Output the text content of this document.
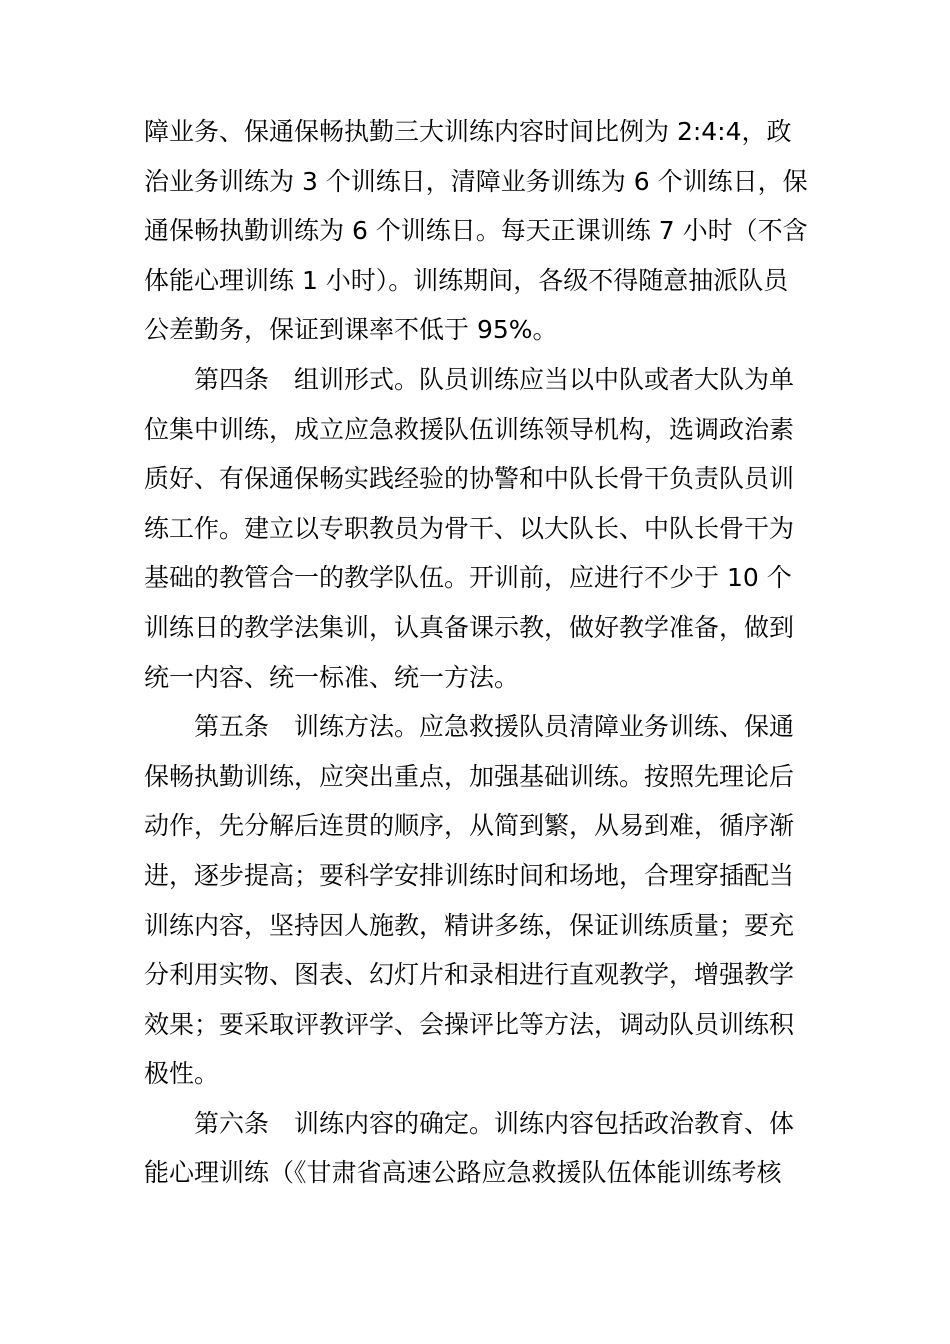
障业务、保通保畅执勤三大训练内容时间比例为 2:4:4，政
治业务训练为 3 个训练日，清障业务训练为 6 个训练日，保
通保畅执勤训练为 6 个训练日。每天正课训练 7 小时（不含
体能心理训练 1 小时）。训练期间，各级不得随意抽派队员
公差勤务，保证到课率不低于 95%。
第四条　组训形式。队员训练应当以中队或者大队为单
位集中训练，成立应急救援队伍训练领导机构，选调政治素
质好、有保通保畅实践经验的协警和中队长骨干负责队员训
练工作。建立以专职教员为骨干、以大队长、中队长骨干为
基础的教管合一的教学队伍。开训前，应进行不少于 10 个
训练日的教学法集训，认真备课示教，做好教学准备，做到
统一内容、统一标准、统一方法。
第五条　训练方法。应急救援队员清障业务训练、保通
保畅执勤训练，应突出重点，加强基础训练。按照先理论后
动作，先分解后连贯的顺序，从简到繁，从易到难，循序渐
进，逐步提高；要科学安排训练时间和场地，合理穿插配当
训练内容，坚持因人施教，精讲多练，保证训练质量；要充
分利用实物、图表、幻灯片和录相进行直观教学，增强教学
效果；要采取评教评学、会操评比等方法，调动队员训练积
极性。
第六条　训练内容的确定。训练内容包括政治教育、体
能心理训练（《甘肃省高速公路应急救援队伍体能训练考核
